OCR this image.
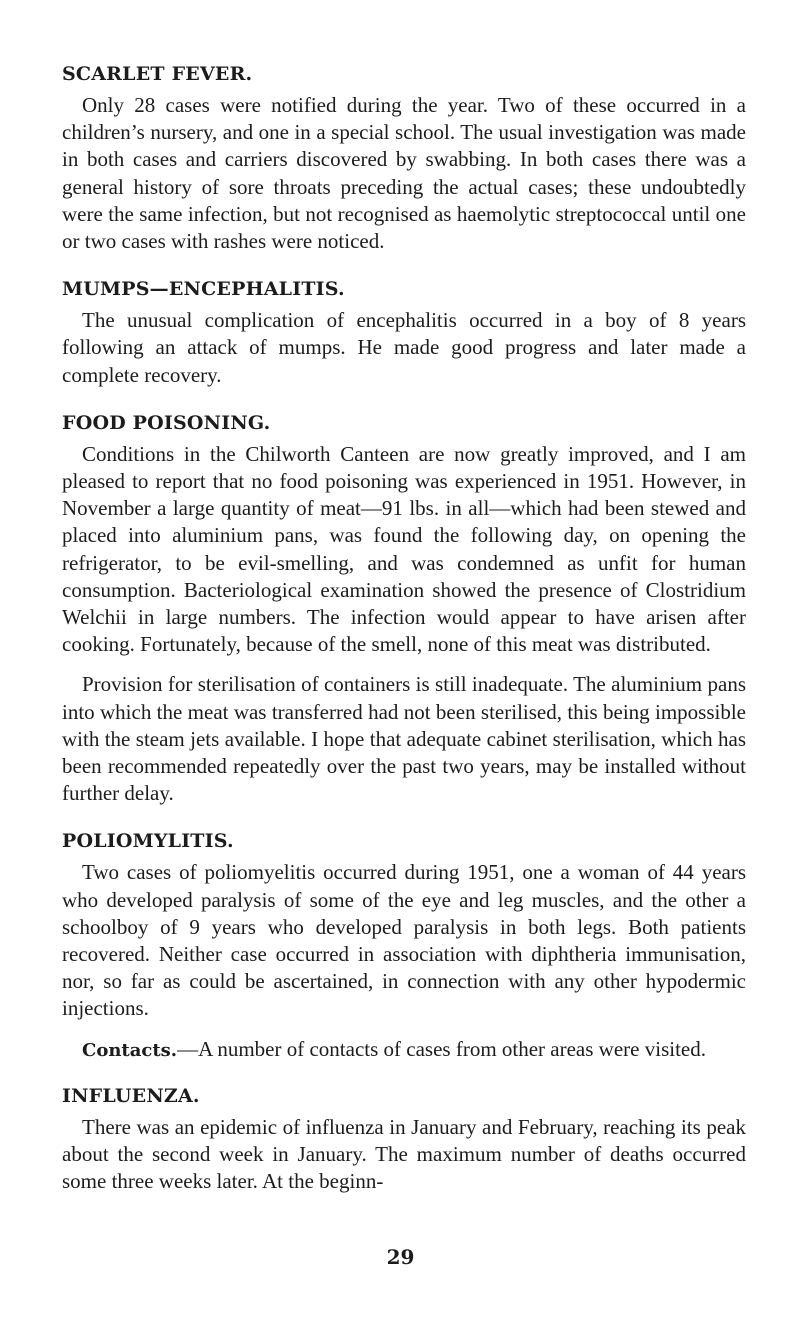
SCARLET FEVER.

Only 28 cases were notified during the year. Two of these occurred in a children’s nursery, and one in a special school. The usual investigation was made in both cases and carriers discovered by swabbing. In both cases there was a general history of sore throats preceding the actual cases; these undoubtedly were the same infection, but not recognised as haemolytic streptococcal until one or two cases with rashes were noticed.

MUMPS—ENCEPHALITIS.

The unusual complication of encephalitis occurred in a boy of 8 years following an attack of mumps. He made good progress and later made a complete recovery.

FOOD POISONING.

Conditions in the Chilworth Canteen are now greatly improved, and I am pleased to report that no food poisoning was experienced in 1951. However, in November a large quantity of meat—91 lbs. in all—which had been stewed and placed into aluminium pans, was found the following day, on opening the refrigerator, to be evil-smelling, and was condemned as unfit for human consumption. Bacteriological examination showed the presence of Clostridium Welchii in large numbers. The infection would appear to have arisen after cooking. Fortunately, because of the smell, none of this meat was distributed.

Provision for sterilisation of containers is still inadequate. The aluminium pans into which the meat was transferred had not been sterilised, this being impossible with the steam jets available. I hope that adequate cabinet sterilisation, which has been recommended repeatedly over the past two years, may be installed without further delay.

POLIOMYLITIS.

Two cases of poliomyelitis occurred during 1951, one a woman of 44 years who developed paralysis of some of the eye and leg muscles, and the other a schoolboy of 9 years who developed paralysis in both legs. Both patients recovered. Neither case occurred in association with diphtheria immunisation, nor, so far as could be ascertained, in connection with any other hypodermic injections.

Contacts.—A number of contacts of cases from other areas were visited.

INFLUENZA.

There was an epidemic of influenza in January and February, reaching its peak about the second week in January. The maximum number of deaths occurred some three weeks later. At the beginn-

29
